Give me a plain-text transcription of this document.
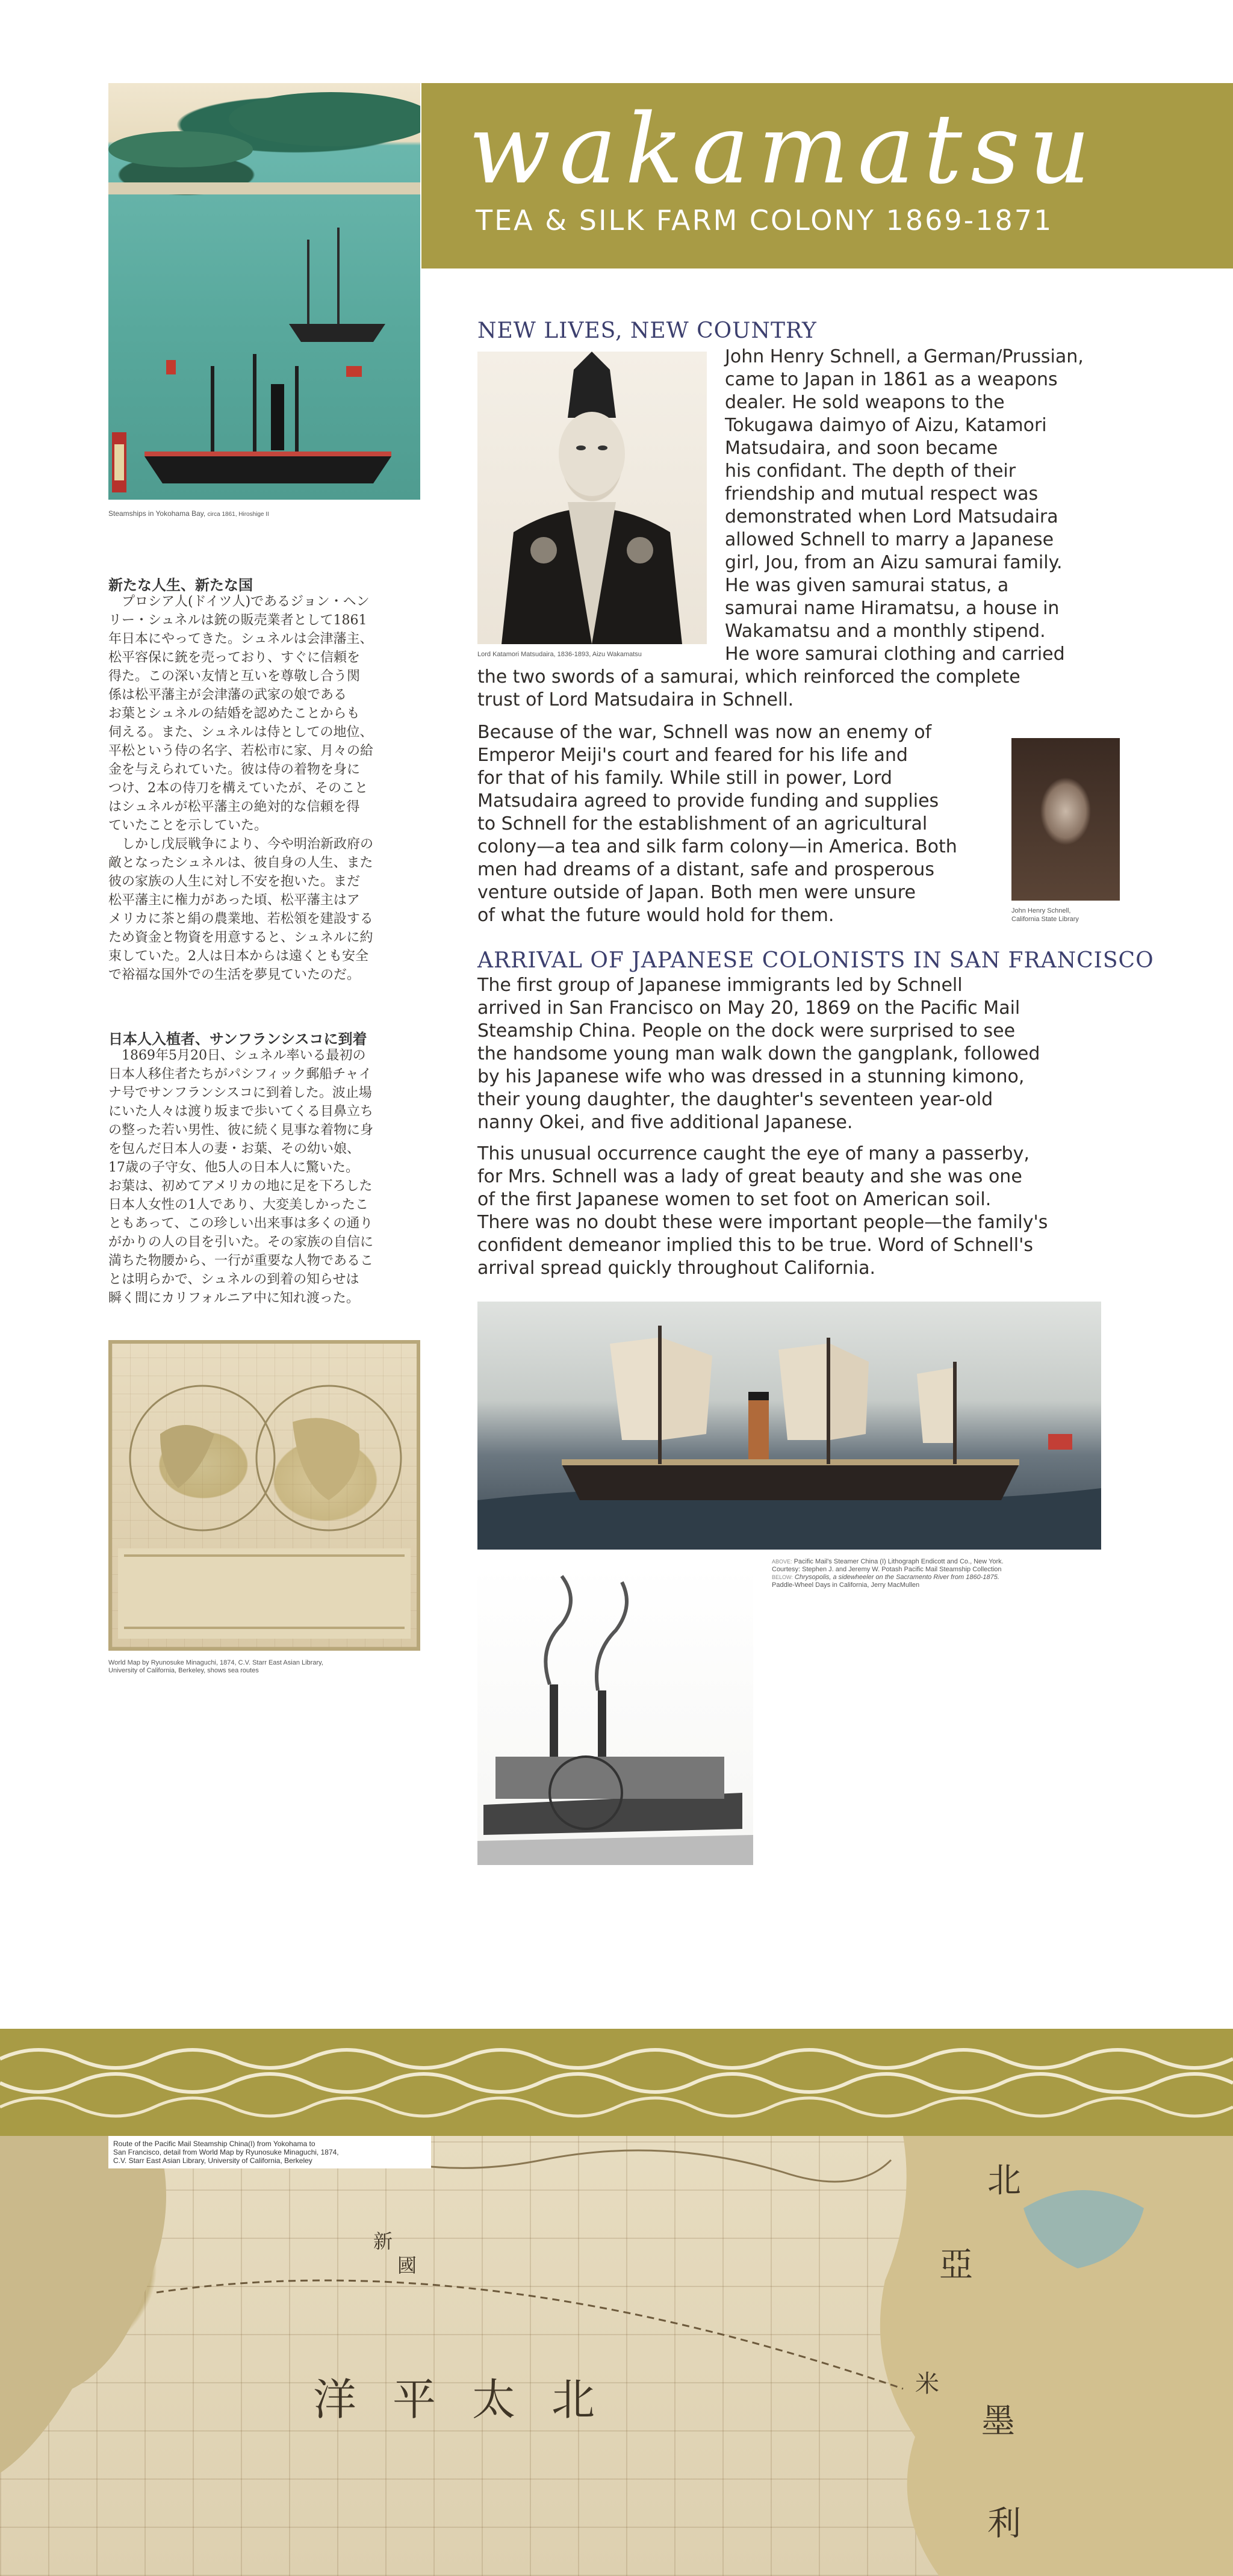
Steamships in Yokohama Bay, circa 1861, Hiroshige II
wakamatsu
TEA & SILK FARM COLONY 1869-1871
NEW LIVES, NEW COUNTRY
Lord Katamori Matsudaira, 1836-1893, Aizu Wakamatsu
John Henry Schnell, a German/Prussian,
came to Japan in 1861 as a weapons
dealer. He sold weapons to the
Tokugawa daimyo of Aizu, Katamori
Matsudaira, and soon became
his confidant. The depth of their
friendship and mutual respect was
demonstrated when Lord Matsudaira
allowed Schnell to marry a Japanese
girl, Jou, from an Aizu samurai family.
He was given samurai status, a
samurai name Hiramatsu, a house in
Wakamatsu and a monthly stipend.
He wore samurai clothing and carried
the two swords of a samurai, which reinforced the complete
trust of Lord Matsudaira in Schnell.
Because of the war, Schnell was now an enemy of
Emperor Meiji's court and feared for his life and
for that of his family. While still in power, Lord
Matsudaira agreed to provide funding and supplies
to Schnell for the establishment of an agricultural
colony—a tea and silk farm colony—in America. Both
men had dreams of a distant, safe and prosperous
venture outside of Japan. Both men were unsure
of what the future would hold for them.	John Henry Schnell,
California State Library
ARRIVAL OF JAPANESE COLONISTS IN SAN FRANCISCO
The first group of Japanese immigrants led by Schnell
arrived in San Francisco on May 20, 1869 on the Pacific Mail
Steamship China. People on the dock were surprised to see
the handsome young man walk down the gangplank, followed
by his Japanese wife who was dressed in a stunning kimono,
their young daughter, the daughter's seventeen year-old
nanny Okei, and five additional Japanese.
This unusual occurrence caught the eye of many a passerby,
for Mrs. Schnell was a lady of great beauty and she was one
of the first Japanese women to set foot on American soil.
There was no doubt these were important people—the family's
confident demeanor implied this to be true. Word of Schnell's
arrival spread quickly throughout California.
ABOVE: Pacific Mail's Steamer China (I) Lithograph Endicott and Co., New York.
Courtesy: Stephen J. and Jeremy W. Potash Pacific Mail Steamship Collection
BELOW: Chrysopolis, a sidewheeler on the Sacramento River from 1860-1875.
Paddle-Wheel Days in California, Jerry MacMullen
新たな人生、新たな国
　プロシア人(ドイツ人)であるジョン・ヘン
リー・シュネルは銃の販売業者として1861
年日本にやってきた。シュネルは会津藩主、
松平容保に銃を売っており、すぐに信頼を
得た。この深い友情と互いを尊敬し合う関
係は松平藩主が会津藩の武家の娘である
お葉とシュネルの結婚を認めたことからも
伺える。また、シュネルは侍としての地位、
平松という侍の名字、若松市に家、月々の給
金を与えられていた。彼は侍の着物を身に
つけ、2本の侍刀を構えていたが、そのこと
はシュネルが松平藩主の絶対的な信頼を得
ていたことを示していた。
　しかし戊辰戦争により、今や明治新政府の
敵となったシュネルは、彼自身の人生、また
彼の家族の人生に対し不安を抱いた。まだ
松平藩主に権力があった頃、松平藩主はア
メリカに茶と絹の農業地、若松領を建設する
ため資金と物資を用意すると、シュネルに約
束していた。2人は日本からは遠くとも安全
で裕福な国外での生活を夢見ていたのだ。
日本人入植者、サンフランシスコに到着
　1869年5月20日、シュネル率いる最初の
日本人移住者たちがパシフィック郵船チャイ
ナ号でサンフランシスコに到着した。波止場
にいた人々は渡り坂まで歩いてくる目鼻立ち
の整った若い男性、彼に続く見事な着物に身
を包んだ日本人の妻・お葉、その幼い娘、
17歳の子守女、他5人の日本人に驚いた。
お葉は、初めてアメリカの地に足を下ろした
日本人女性の1人であり、大変美しかったこ
ともあって、この珍しい出来事は多くの通り
がかりの人の目を引いた。その家族の自信に
満ちた物腰から、一行が重要な人物であるこ
とは明らかで、シュネルの到着の知らせは
瞬く間にカリフォルニア中に知れ渡った。
World Map by Ryunosuke Minaguchi, 1874, C.V. Starr East Asian Library,
University of California, Berkeley, shows sea routes
洋平太北
北
亞
墨
利
米
新
國
Route of the Pacific Mail Steamship China(I) from Yokohama to
San Francisco, detail from World Map by Ryunosuke Minaguchi, 1874,
C.V. Starr East Asian Library, University of California, Berkeley
